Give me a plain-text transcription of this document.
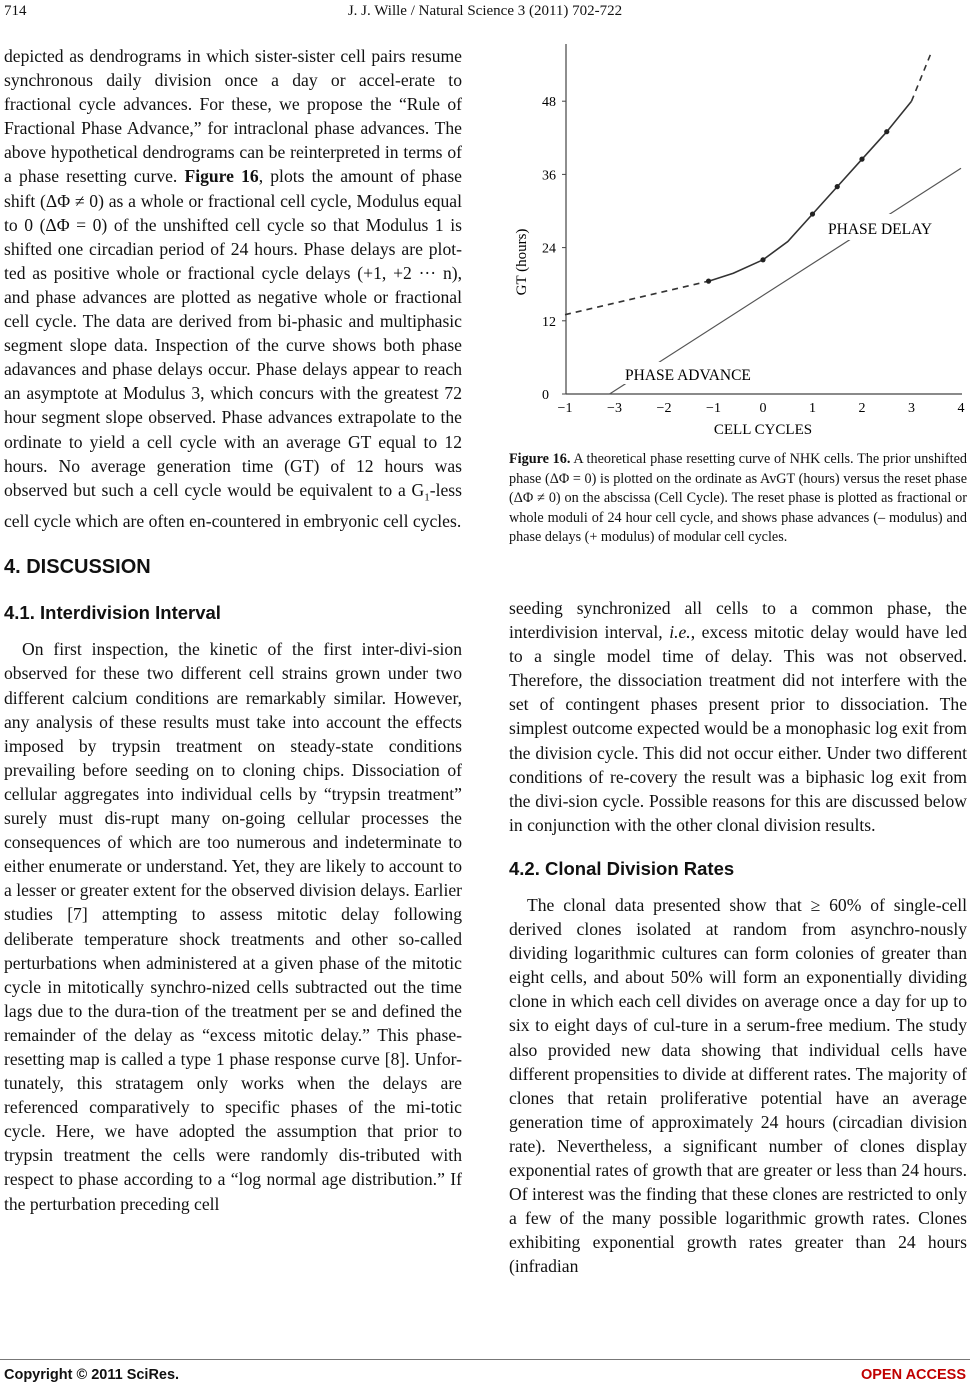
714	J. J. Wille / Natural Science 3 (2011) 702-722

depicted as dendrograms in which sister-sister cell pairs resume synchronous daily division once a day or accel-erate to fractional cycle advances. For these, we propose the “Rule of Fractional Phase Advance,” for intraclonal phase advances. The above hypothetical dendrograms can be reinterpreted in terms of a phase resetting curve. Figure 16, plots the amount of phase shift (ΔΦ ≠ 0) as a whole or fractional cell cycle, Modulus equal to 0 (ΔΦ = 0) of the unshifted cell cycle so that Modulus 1 is shifted one circadian period of 24 hours. Phase delays are plot-ted as positive whole or fractional cycle delays (+1, +2 ··· n), and phase advances are plotted as negative whole or fractional cell cycle. The data are derived from bi-phasic and multiphasic segment slope data. Inspection of the curve shows both phase adavances and phase delays occur. Phase delays appear to reach an asymptote at Modulus 3, which concurs with the greatest 72 hour segment slope observed. Phase advances extrapolate to the ordinate to yield a cell cycle with an average GT equal to 12 hours. No average generation time (GT) of 12 hours was observed but such a cell cycle would be equivalent to a $G_1$-less cell cycle which are often en-countered in embryonic cell cycles.

4. DISCUSSION
4.1. Interdivision Interval

On first inspection, the kinetic of the first inter-divi-sion observed for these two different cell strains grown under two different calcium conditions are remarkably similar. However, any analysis of these results must take into account the effects imposed by trypsin treatment on steady-state conditions prevailing before seeding on to cloning chips. Dissociation of cellular aggregates into individual cells by “trypsin treatment” surely must dis-rupt many on-going cellular processes the consequences of which are too numerous and indeterminate to either enumerate or understand. Yet, they are likely to account to a lesser or greater extent for the observed division delays. Earlier studies [7] attempting to assess mitotic delay following deliberate temperature shock treatments and other so-called perturbations when administered at a given phase of the mitotic cycle in mitotically synchro-nized cells subtracted out the time lags due to the dura-tion of the treatment per se and defined the remainder of the delay as “excess mitotic delay.” This phase-resetting map is called a type 1 phase response curve [8]. Unfor-tunately, this stratagem only works when the delays are referenced comparatively to specific phases of the mi-totic cycle. Here, we have adopted the assumption that prior to trypsin treatment the cells were randomly dis-tributed with respect to phase according to a “log normal age distribution.” If the perturbation preceding cell

0
12
24
36
48
−1 −3 −2 −1	0	1	2	3	4
GT (hours)
CELL CYCLES
PHASE DELAY
PHASE ADVANCE
Figure 16. A theoretical phase resetting curve of NHK cells. The prior unshifted phase (ΔΦ = 0) is plotted on the ordinate as AvGT (hours) versus the reset phase (ΔΦ ≠ 0) on the abscissa (Cell Cycle). The reset phase is plotted as fractional or whole moduli of 24 hour cell cycle, and shows phase advances (– modulus) and phase delays (+ modulus) of modular cell cycles.

seeding synchronized all cells to a common phase, the interdivision interval, i.e., excess mitotic delay would have led to a single model time of delay. This was not observed. Therefore, the dissociation treatment did not interfere with the set of contingent phases present prior to dissociation. The simplest outcome expected would be a monophasic log exit from the division cycle. This did not occur either. Under two different conditions of re-covery the result was a biphasic log exit from the divi-sion cycle. Possible reasons for this are discussed below in conjunction with the other clonal division results.

4.2. Clonal Division Rates

The clonal data presented show that ≥ 60% of single-cell derived clones isolated at random from asynchro-nously dividing logarithmic cultures can form colonies of greater than eight cells, and about 50% will form an exponentially dividing clone in which each cell divides on average once a day for up to six to eight days of cul-ture in a serum-free medium. The study also provided new data showing that individual cells have different propensities to divide at different rates. The majority of clones that retain proliferative potential have an average generation time of approximately 24 hours (circadian division rate). Nevertheless, a significant number of clones display exponential rates of growth that are greater or less than 24 hours. Of interest was the finding that these clones are restricted to only a few of the many possible logarithmic growth rates. Clones exhibiting exponential growth rates greater than 24 hours (infradian

Copyright © 2011 SciRes.	OPEN ACCESS
